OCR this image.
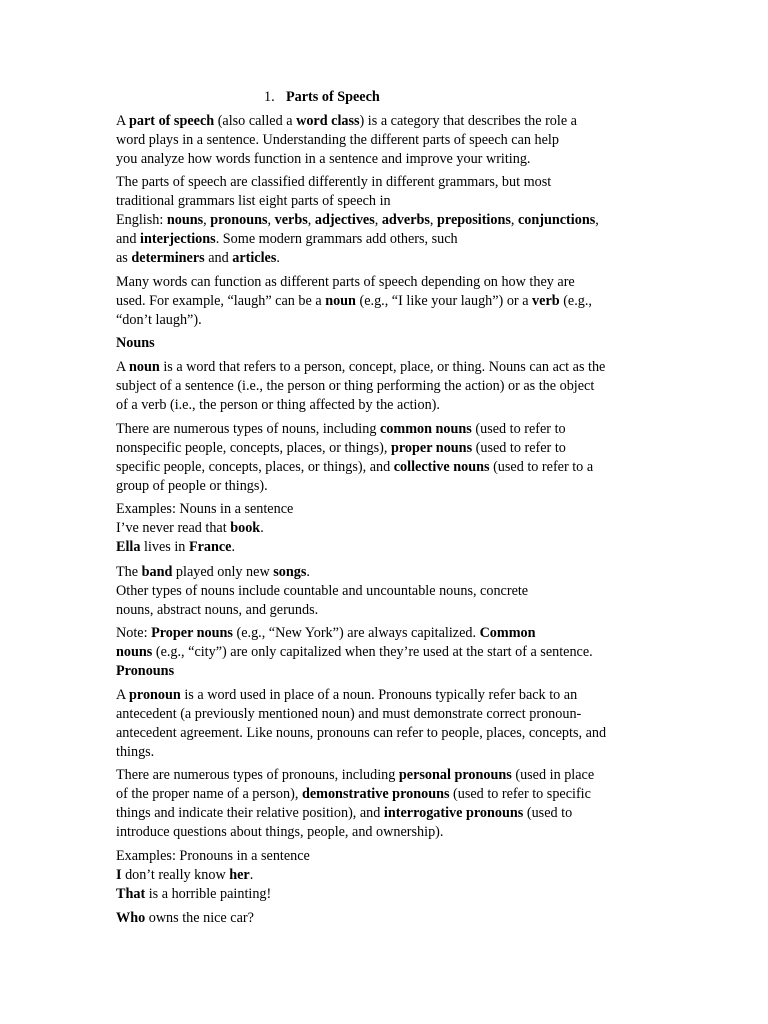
1. Parts of Speech
A part of speech (also called a word class) is a category that describes the role a
word plays in a sentence. Understanding the different parts of speech can help
you analyze how words function in a sentence and improve your writing.
The parts of speech are classified differently in different grammars, but most
traditional grammars list eight parts of speech in
English: nouns, pronouns, verbs, adjectives, adverbs, prepositions, conjunctions,
and interjections. Some modern grammars add others, such
as determiners and articles.
Many words can function as different parts of speech depending on how they are
used. For example, “laugh” can be a noun (e.g., “I like your laugh”) or a verb (e.g.,
“don’t laugh”).
Nouns
A noun is a word that refers to a person, concept, place, or thing. Nouns can act as the
subject of a sentence (i.e., the person or thing performing the action) or as the object
of a verb (i.e., the person or thing affected by the action).
There are numerous types of nouns, including common nouns (used to refer to
nonspecific people, concepts, places, or things), proper nouns (used to refer to
specific people, concepts, places, or things), and collective nouns (used to refer to a
group of people or things).
Examples: Nouns in a sentence
I’ve never read that book.
Ella lives in France.
The band played only new songs.
Other types of nouns include countable and uncountable nouns, concrete
nouns, abstract nouns, and gerunds.
Note: Proper nouns (e.g., “New York”) are always capitalized. Common
nouns (e.g., “city”) are only capitalized when they’re used at the start of a sentence.
Pronouns
A pronoun is a word used in place of a noun. Pronouns typically refer back to an
antecedent (a previously mentioned noun) and must demonstrate correct pronoun-
antecedent agreement. Like nouns, pronouns can refer to people, places, concepts, and
things.
There are numerous types of pronouns, including personal pronouns (used in place
of the proper name of a person), demonstrative pronouns (used to refer to specific
things and indicate their relative position), and interrogative pronouns (used to
introduce questions about things, people, and ownership).
Examples: Pronouns in a sentence
I don’t really know her.
That is a horrible painting!
Who owns the nice car?
